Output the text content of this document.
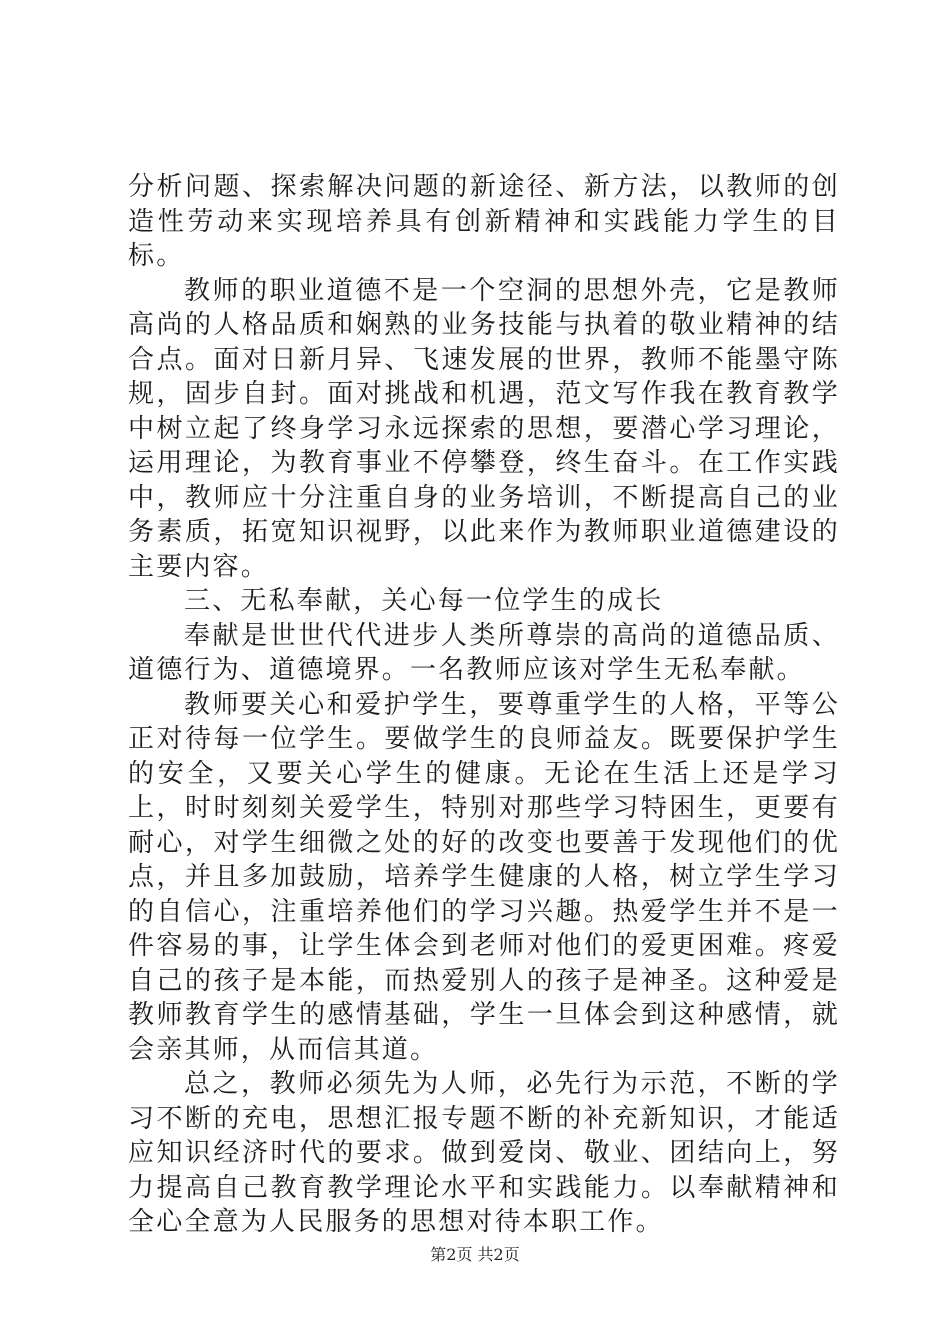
分析问题、探索解决问题的新途径、新方法，以教师的创造性劳动来实现培养具有创新精神和实践能力学生的目标。

教师的职业道德不是一个空洞的思想外壳，它是教师高尚的人格品质和娴熟的业务技能与执着的敬业精神的结合点。面对日新月异、飞速发展的世界，教师不能墨守陈规，固步自封。面对挑战和机遇，范文写作我在教育教学中树立起了终身学习永远探索的思想，要潜心学习理论，运用理论，为教育事业不停攀登，终生奋斗。在工作实践中，教师应十分注重自身的业务培训，不断提高自己的业务素质，拓宽知识视野，以此来作为教师职业道德建设的主要内容。

三、无私奉献，关心每一位学生的成长

奉献是世世代代进步人类所尊崇的高尚的道德品质、道德行为、道德境界。一名教师应该对学生无私奉献。

教师要关心和爱护学生，要尊重学生的人格，平等公正对待每一位学生。要做学生的良师益友。既要保护学生的安全，又要关心学生的健康。无论在生活上还是学习上，时时刻刻关爱学生，特别对那些学习特困生，更要有耐心，对学生细微之处的好的改变也要善于发现他们的优点，并且多加鼓励，培养学生健康的人格，树立学生学习的自信心，注重培养他们的学习兴趣。热爱学生并不是一件容易的事，让学生体会到老师对他们的爱更困难。疼爱自己的孩子是本能，而热爱别人的孩子是神圣。这种爱是教师教育学生的感情基础，学生一旦体会到这种感情，就会亲其师，从而信其道。

总之，教师必须先为人师，必先行为示范，不断的学习不断的充电，思想汇报专题不断的补充新知识，才能适应知识经济时代的要求。做到爱岗、敬业、团结向上，努力提高自己教育教学理论水平和实践能力。以奉献精神和全心全意为人民服务的思想对待本职工作。

第2页 共2页
